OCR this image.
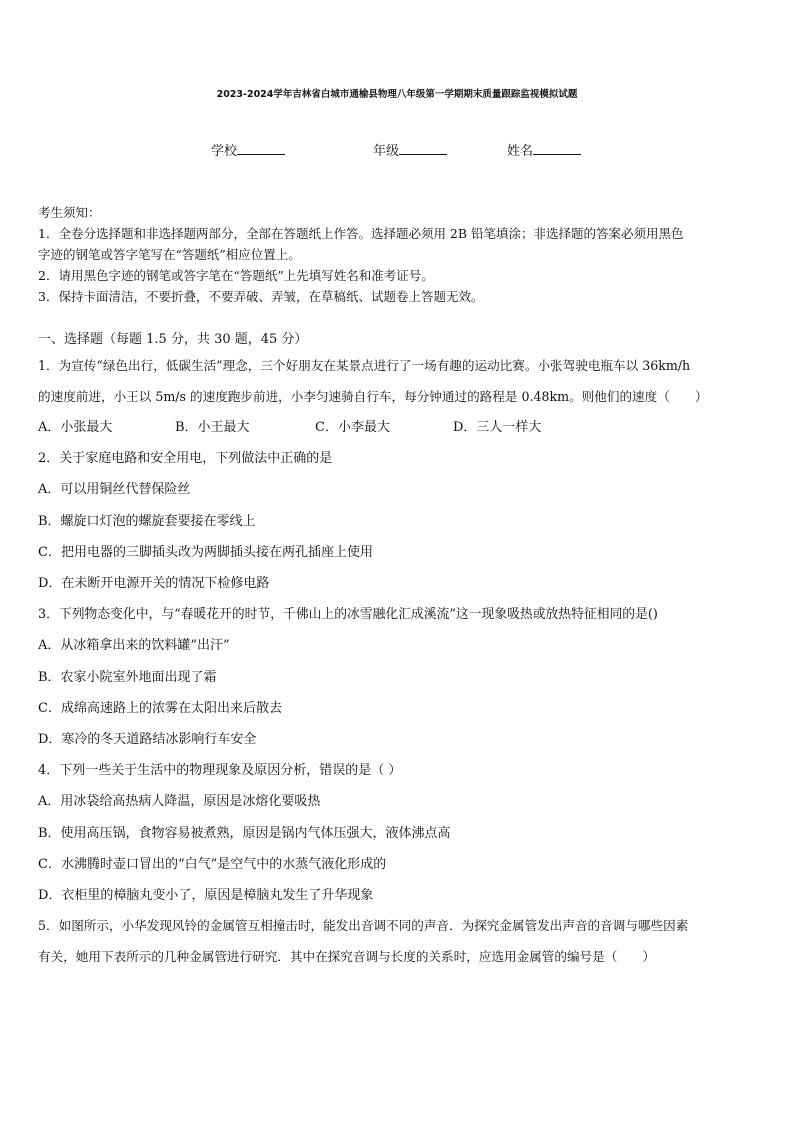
2023-2024学年吉林省白城市通榆县物理八年级第一学期期末质量跟踪监视模拟试题
学校	年级	姓名
考生须知：
1．全卷分选择题和非选择题两部分，全部在答题纸上作答。选择题必须用 2B 铅笔填涂；非选择题的答案必须用黑色
字迹的钢笔或答字笔写在“答题纸”相应位置上。
2．请用黑色字迹的钢笔或答字笔在“答题纸”上先填写姓名和准考证号。
3．保持卡面清洁，不要折叠，不要弄破、弄皱，在草稿纸、试题卷上答题无效。
一、选择题（每题 1.5 分，共 30 题，45 分）
1．为宣传“绿色出行，低碳生活”理念，三个好朋友在某景点进行了一场有趣的运动比赛。小张驾驶电瓶车以 36km/h
的速度前进，小王以 5m/s 的速度跑步前进，小李匀速骑自行车，每分钟通过的路程是 0.48km。则他们的速度（　　）
A．小张最大	B．小王最大	C．小李最大	D．三人一样大
2．关于家庭电路和安全用电，下列做法中正确的是
A．可以用铜丝代替保险丝
B．螺旋口灯泡的螺旋套要接在零线上
C．把用电器的三脚插头改为两脚插头接在两孔插座上使用
D．在未断开电源开关的情况下检修电路
3．下列物态变化中，与“春暖花开的时节，千佛山上的冰雪融化汇成溪流”这一现象吸热或放热特征相同的是()
A．从冰箱拿出来的饮料罐“出汗”
B．农家小院室外地面出现了霜
C．成绵高速路上的浓雾在太阳出来后散去
D．寒冷的冬天道路结冰影响行车安全
4．下列一些关于生活中的物理现象及原因分析，错误的是（ ）
A．用冰袋给高热病人降温，原因是冰熔化要吸热
B．使用高压锅，食物容易被煮熟，原因是锅内气体压强大，液体沸点高
C．水沸腾时壶口冒出的“白气”是空气中的水蒸气液化形成的
D．衣柜里的樟脑丸变小了，原因是樟脑丸发生了升华现象
5．如图所示，小华发现风铃的金属管互相撞击时，能发出音调不同的声音．为探究金属管发出声音的音调与哪些因素
有关，她用下表所示的几种金属管进行研究．其中在探究音调与长度的关系时，应选用金属管的编号是（　　）
